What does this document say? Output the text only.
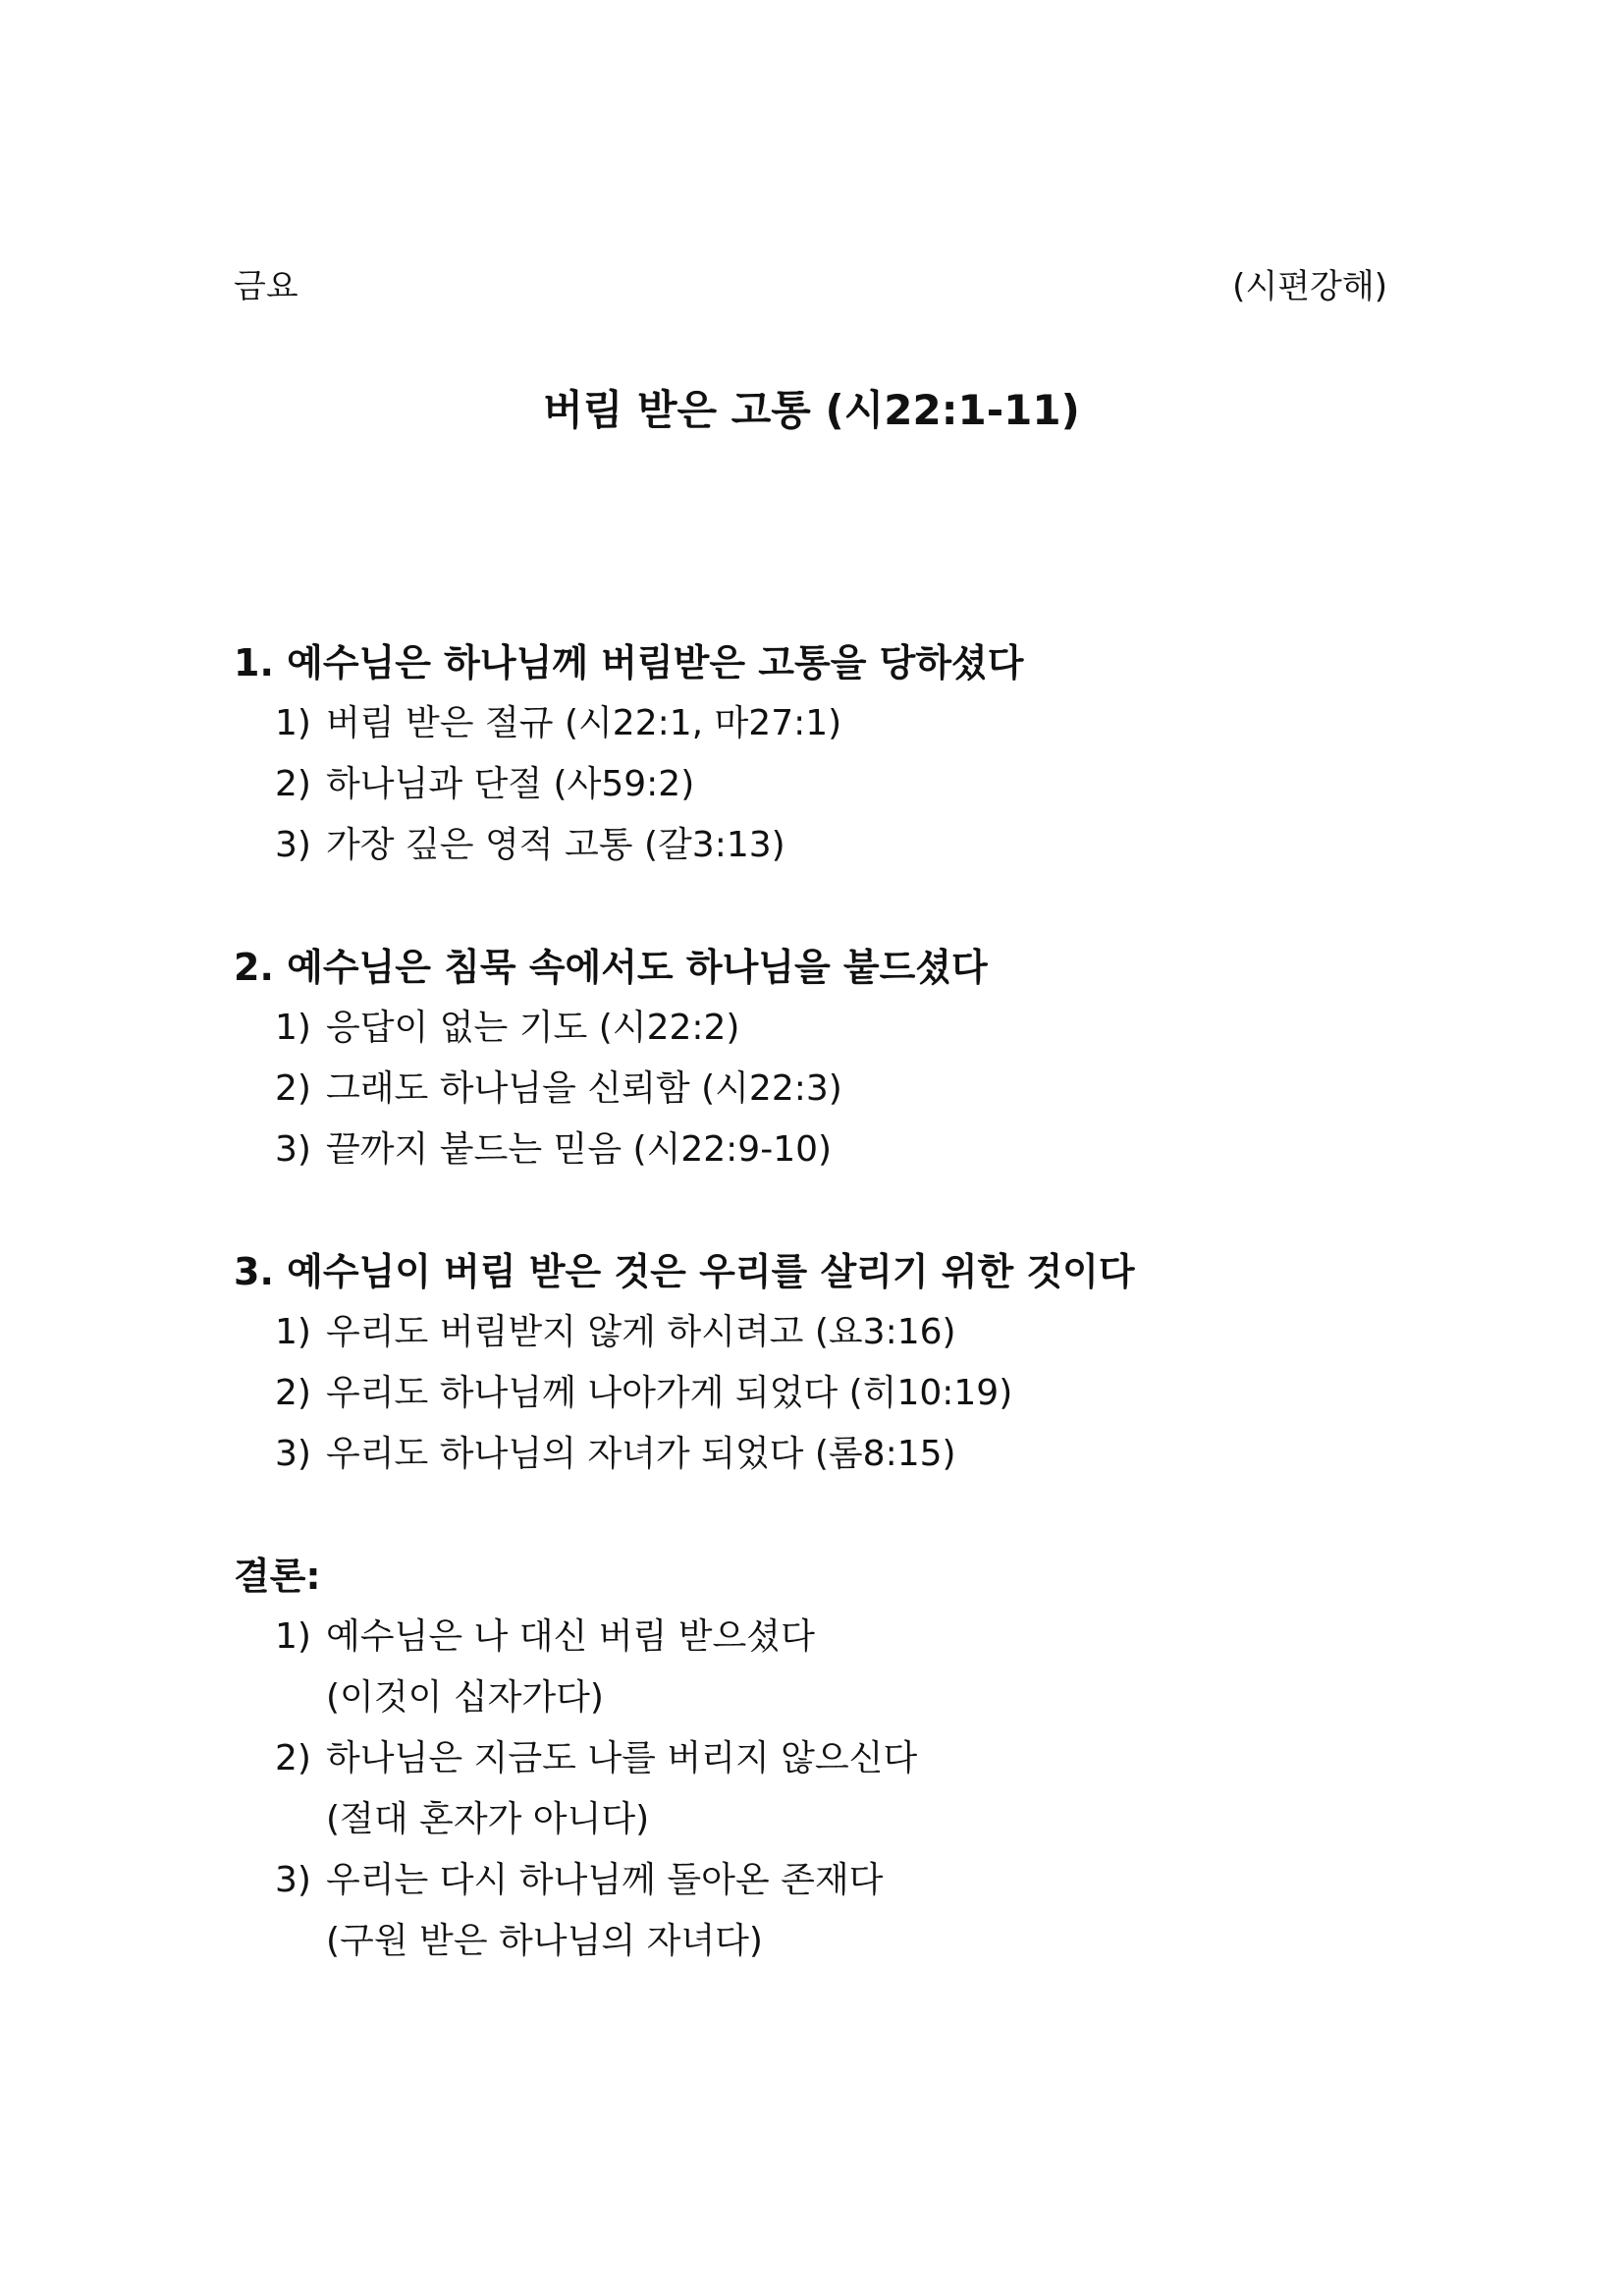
금요	(시편강해)
버림 받은 고통 (시22:1-11)
1. 예수님은 하나님께 버림받은 고통을 당하셨다
1) 버림 받은 절규 (시22:1, 마27:1)
2) 하나님과 단절 (사59:2)
3) 가장 깊은 영적 고통 (갈3:13)
2. 예수님은 침묵 속에서도 하나님을 붙드셨다
1) 응답이 없는 기도 (시22:2)
2) 그래도 하나님을 신뢰함 (시22:3)
3) 끝까지 붙드는 믿음 (시22:9-10)
3. 예수님이 버림 받은 것은 우리를 살리기 위한 것이다
1) 우리도 버림받지 않게 하시려고 (요3:16)
2) 우리도 하나님께 나아가게 되었다 (히10:19)
3) 우리도 하나님의 자녀가 되었다 (롬8:15)
결론:
1) 예수님은 나 대신 버림 받으셨다
(이것이 십자가다)
2) 하나님은 지금도 나를 버리지 않으신다
(절대 혼자가 아니다)
3) 우리는 다시 하나님께 돌아온 존재다
(구원 받은 하나님의 자녀다)
